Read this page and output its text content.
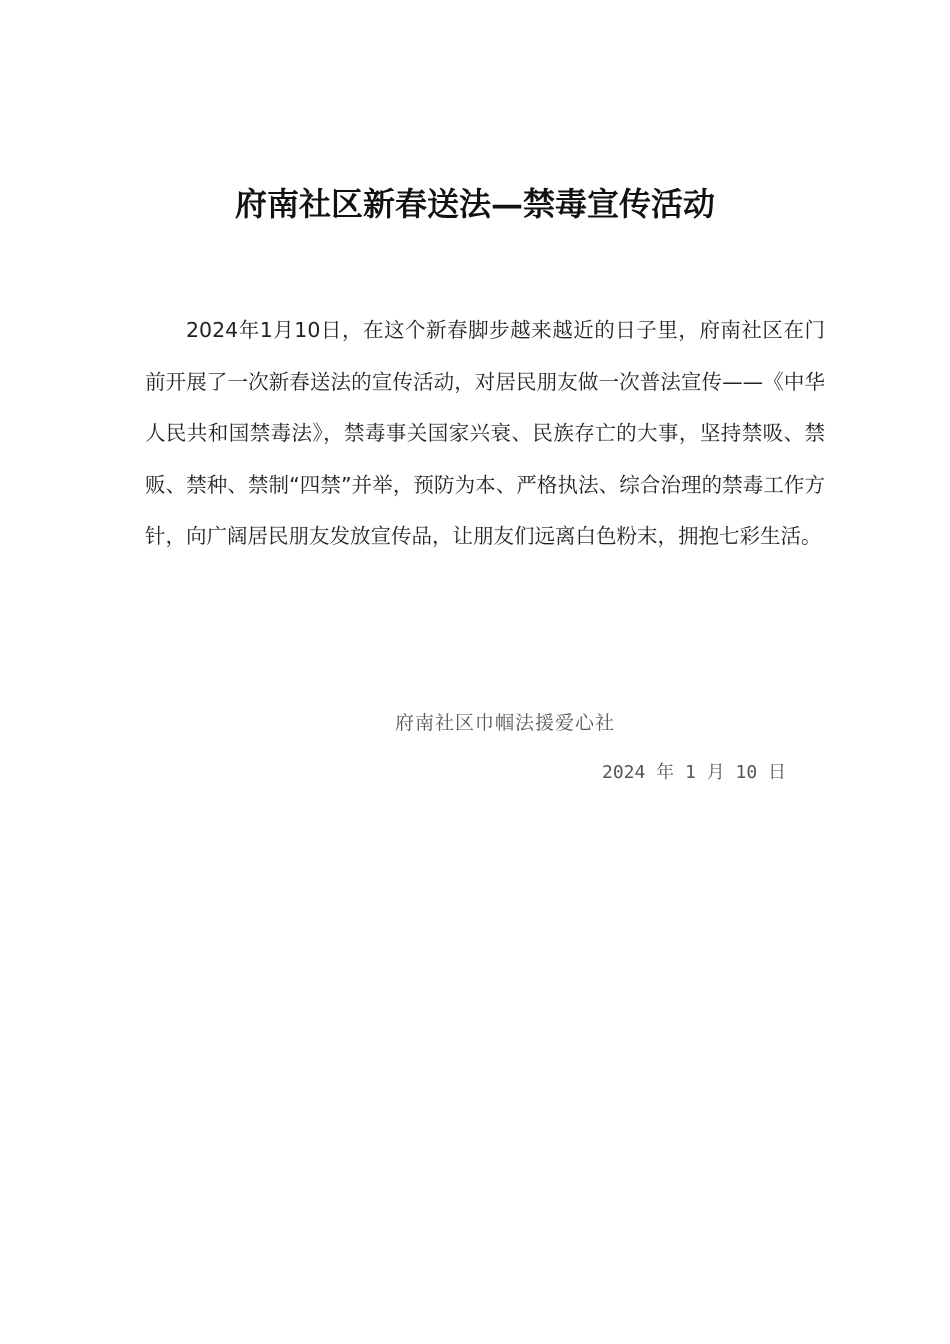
府南社区新春送法—禁毒宣传活动
2024年1月10日，在这个新春脚步越来越近的日子里，府南社区在门前开展了一次新春送法的宣传活动，对居民朋友做一次普法宣传——《中华人民共和国禁毒法》，禁毒事关国家兴衰、民族存亡的大事，坚持禁吸、禁贩、禁种、禁制“四禁”并举，预防为本、严格执法、综合治理的禁毒工作方针，向广阔居民朋友发放宣传品，让朋友们远离白色粉末，拥抱七彩生活。
府南社区巾帼法援爱心社
2024 年 1 月 10 日
